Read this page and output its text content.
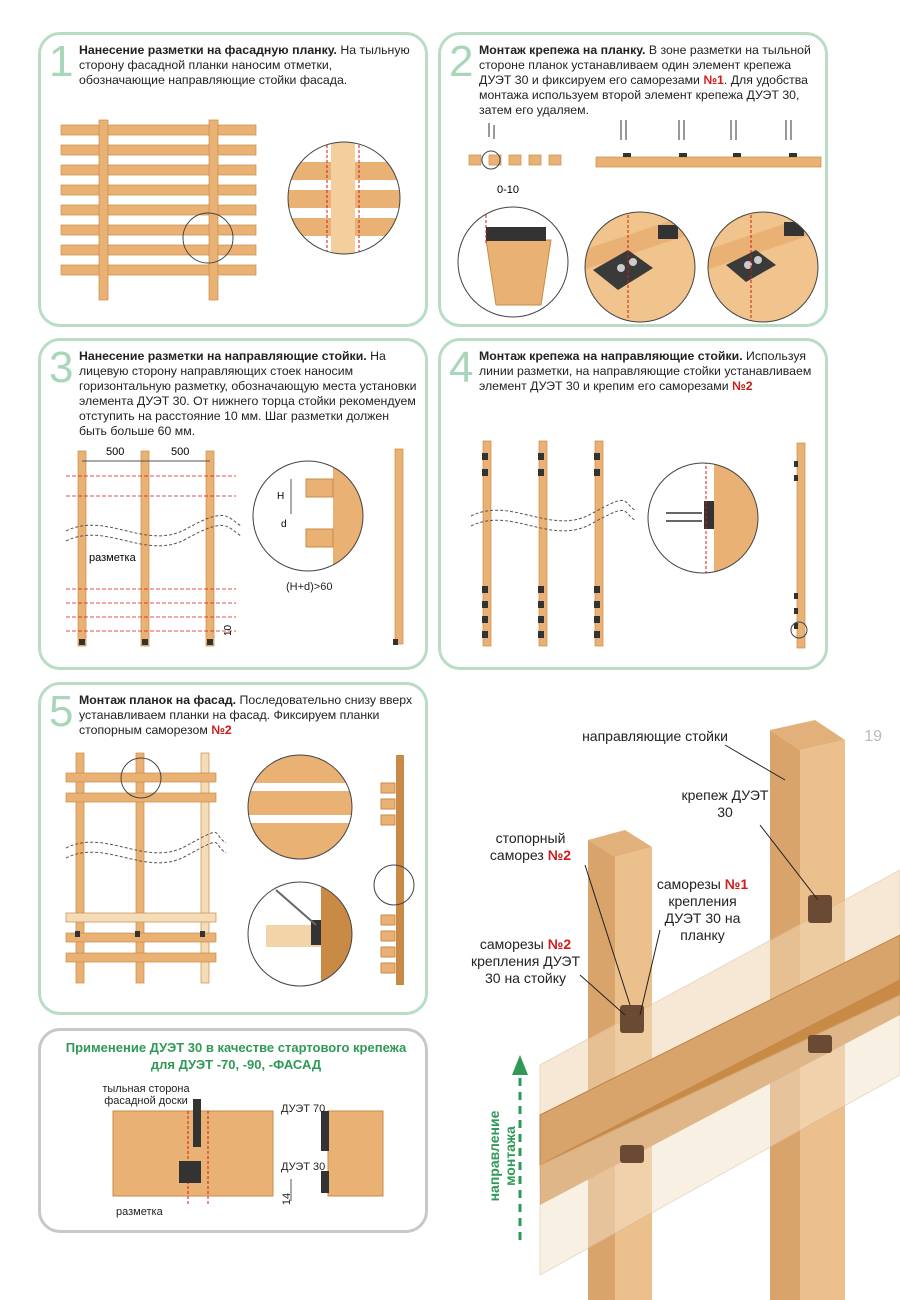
1 Нанесение разметки на фасадную планку. На тыльную сторону фасадной планки наносим отметки, обозначающие направляющие стойки фасада.	2 Монтаж крепежа на планку. В зоне разметки на тыльной стороне планок устанавливаем один элемент крепежа ДУЭТ 30 и фиксируем его саморезами №1. Для удобства монтажа используем второй элемент крепежа ДУЭТ 30, затем его удаляем.
0-10
3 Нанесение разметки на направляющие стойки. На лицевую сторону направляющих стоек наносим горизонтальную разметку, обозначающую места установки элемента ДУЭТ 30. От нижнего торца стойки рекомендуем отступить на расстояние 10 мм. Шаг разметки должен быть больше 60 мм.
500	500
разметка
10
H
d
(H+d)>60
4 Монтаж крепежа на направляющие стойки. Используя линии разметки, на направляющие стойки устанавливаем элемент ДУЭТ 30 и крепим его саморезами №2
5 Монтаж планок на фасад. Последовательно снизу вверх устанавливаем планки на фасад. Фиксируем планки стопорным саморезом №2
Применение ДУЭТ 30 в качестве стартового крепежа для ДУЭТ -70, -90, -ФАСАД
тыльная сторона фасадной доски
ДУЭТ 70
ДУЭТ 30
разметка
14
19
направляющие стойки
крепеж ДУЭТ 30
стопорный
саморез №2
саморезы №1
крепления ДУЭТ 30 на планку
саморезы №2
крепления ДУЭТ 30 на стойку
направление монтажа
